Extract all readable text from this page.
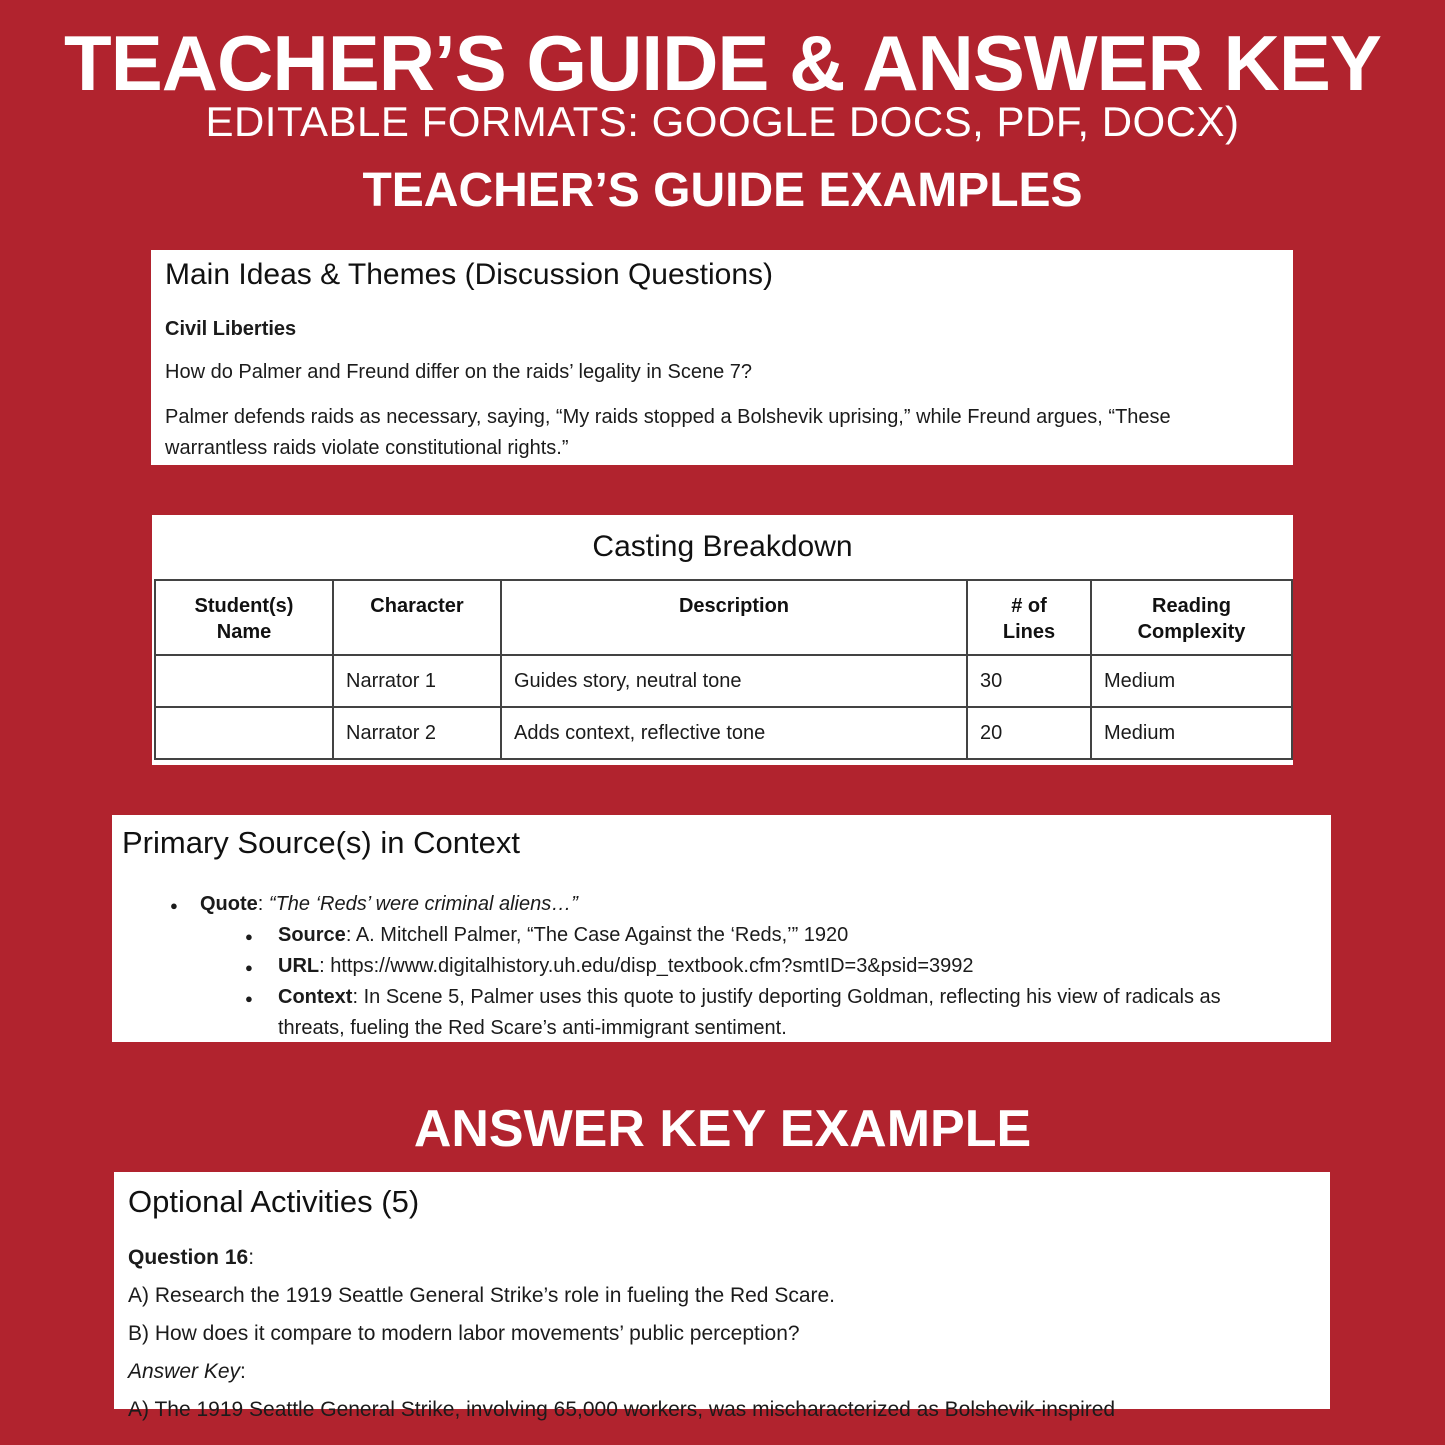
TEACHER’S GUIDE & ANSWER KEY
EDITABLE FORMATS: GOOGLE DOCS, PDF, DOCX)
TEACHER’S GUIDE EXAMPLES
Main Ideas & Themes (Discussion Questions)
Civil Liberties
How do Palmer and Freund differ on the raids’ legality in Scene 7?
Palmer defends raids as necessary, saying, “My raids stopped a Bolshevik uprising,” while Freund argues, “These warrantless raids violate constitutional rights.”
Casting Breakdown
Student(s) Name	Character	Description	# of Lines	Reading Complexity
	Narrator 1	Guides story, neutral tone	30	Medium
	Narrator 2	Adds context, reflective tone	20	Medium
Primary Source(s) in Context
● Quote: “The ‘Reds’ were criminal aliens…”
● Source: A. Mitchell Palmer, “The Case Against the ‘Reds,’” 1920
● URL: https://www.digitalhistory.uh.edu/disp_textbook.cfm?smtID=3&psid=3992
● Context: In Scene 5, Palmer uses this quote to justify deporting Goldman, reflecting his view of radicals as threats, fueling the Red Scare’s anti-immigrant sentiment.
ANSWER KEY EXAMPLE
Optional Activities (5)
Question 16:
A) Research the 1919 Seattle General Strike’s role in fueling the Red Scare.
B) How does it compare to modern labor movements’ public perception?
Answer Key:
A) The 1919 Seattle General Strike, involving 65,000 workers, was mischaracterized as Bolshevik-inspired
